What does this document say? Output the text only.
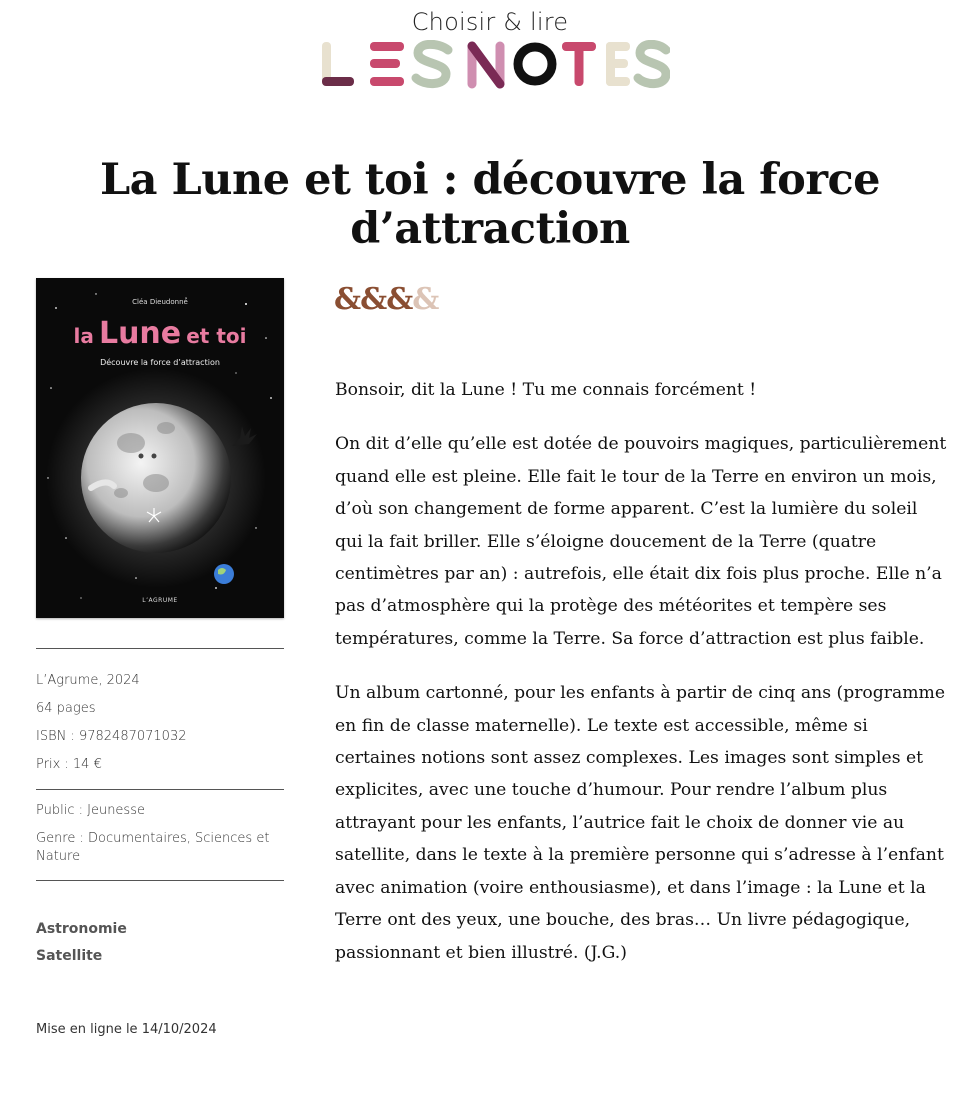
Choisir & lire
La Lune et toi : découvre la force d’attraction
Cléa Dieudonné
la Lune et toi
Découvre la force d’attraction
L’AGRUME
L’Agrume, 2024
64 pages
ISBN : 9782487071032
Prix : 14 €
Public : Jeunesse
Genre : Documentaires, Sciences et Nature
Astronomie
Satellite
Mise en ligne le 14/10/2024
&&&&

Bonsoir, dit la Lune ! Tu me connais forcément !

On dit d’elle qu’elle est dotée de pouvoirs magiques, particulièrement quand elle est pleine. Elle fait le tour de la Terre en environ un mois, d’où son changement de forme apparent. C’est la lumière du soleil qui la fait briller. Elle s’éloigne doucement de la Terre (quatre centimètres par an) : autrefois, elle était dix fois plus proche. Elle n’a pas d’atmosphère qui la protège des météorites et tempère ses températures, comme la Terre. Sa force d’attraction est plus faible.

Un album cartonné, pour les enfants à partir de cinq ans (programme en fin de classe maternelle). Le texte est accessible, même si certaines notions sont assez complexes. Les images sont simples et explicites, avec une touche d’humour. Pour rendre l’album plus attrayant pour les enfants, l’autrice fait le choix de donner vie au satellite, dans le texte à la première personne qui s’adresse à l’enfant avec animation (voire enthousiasme), et dans l’image : la Lune et la Terre ont des yeux, une bouche, des bras… Un livre pédagogique, passionnant et bien illustré. (J.G.)
